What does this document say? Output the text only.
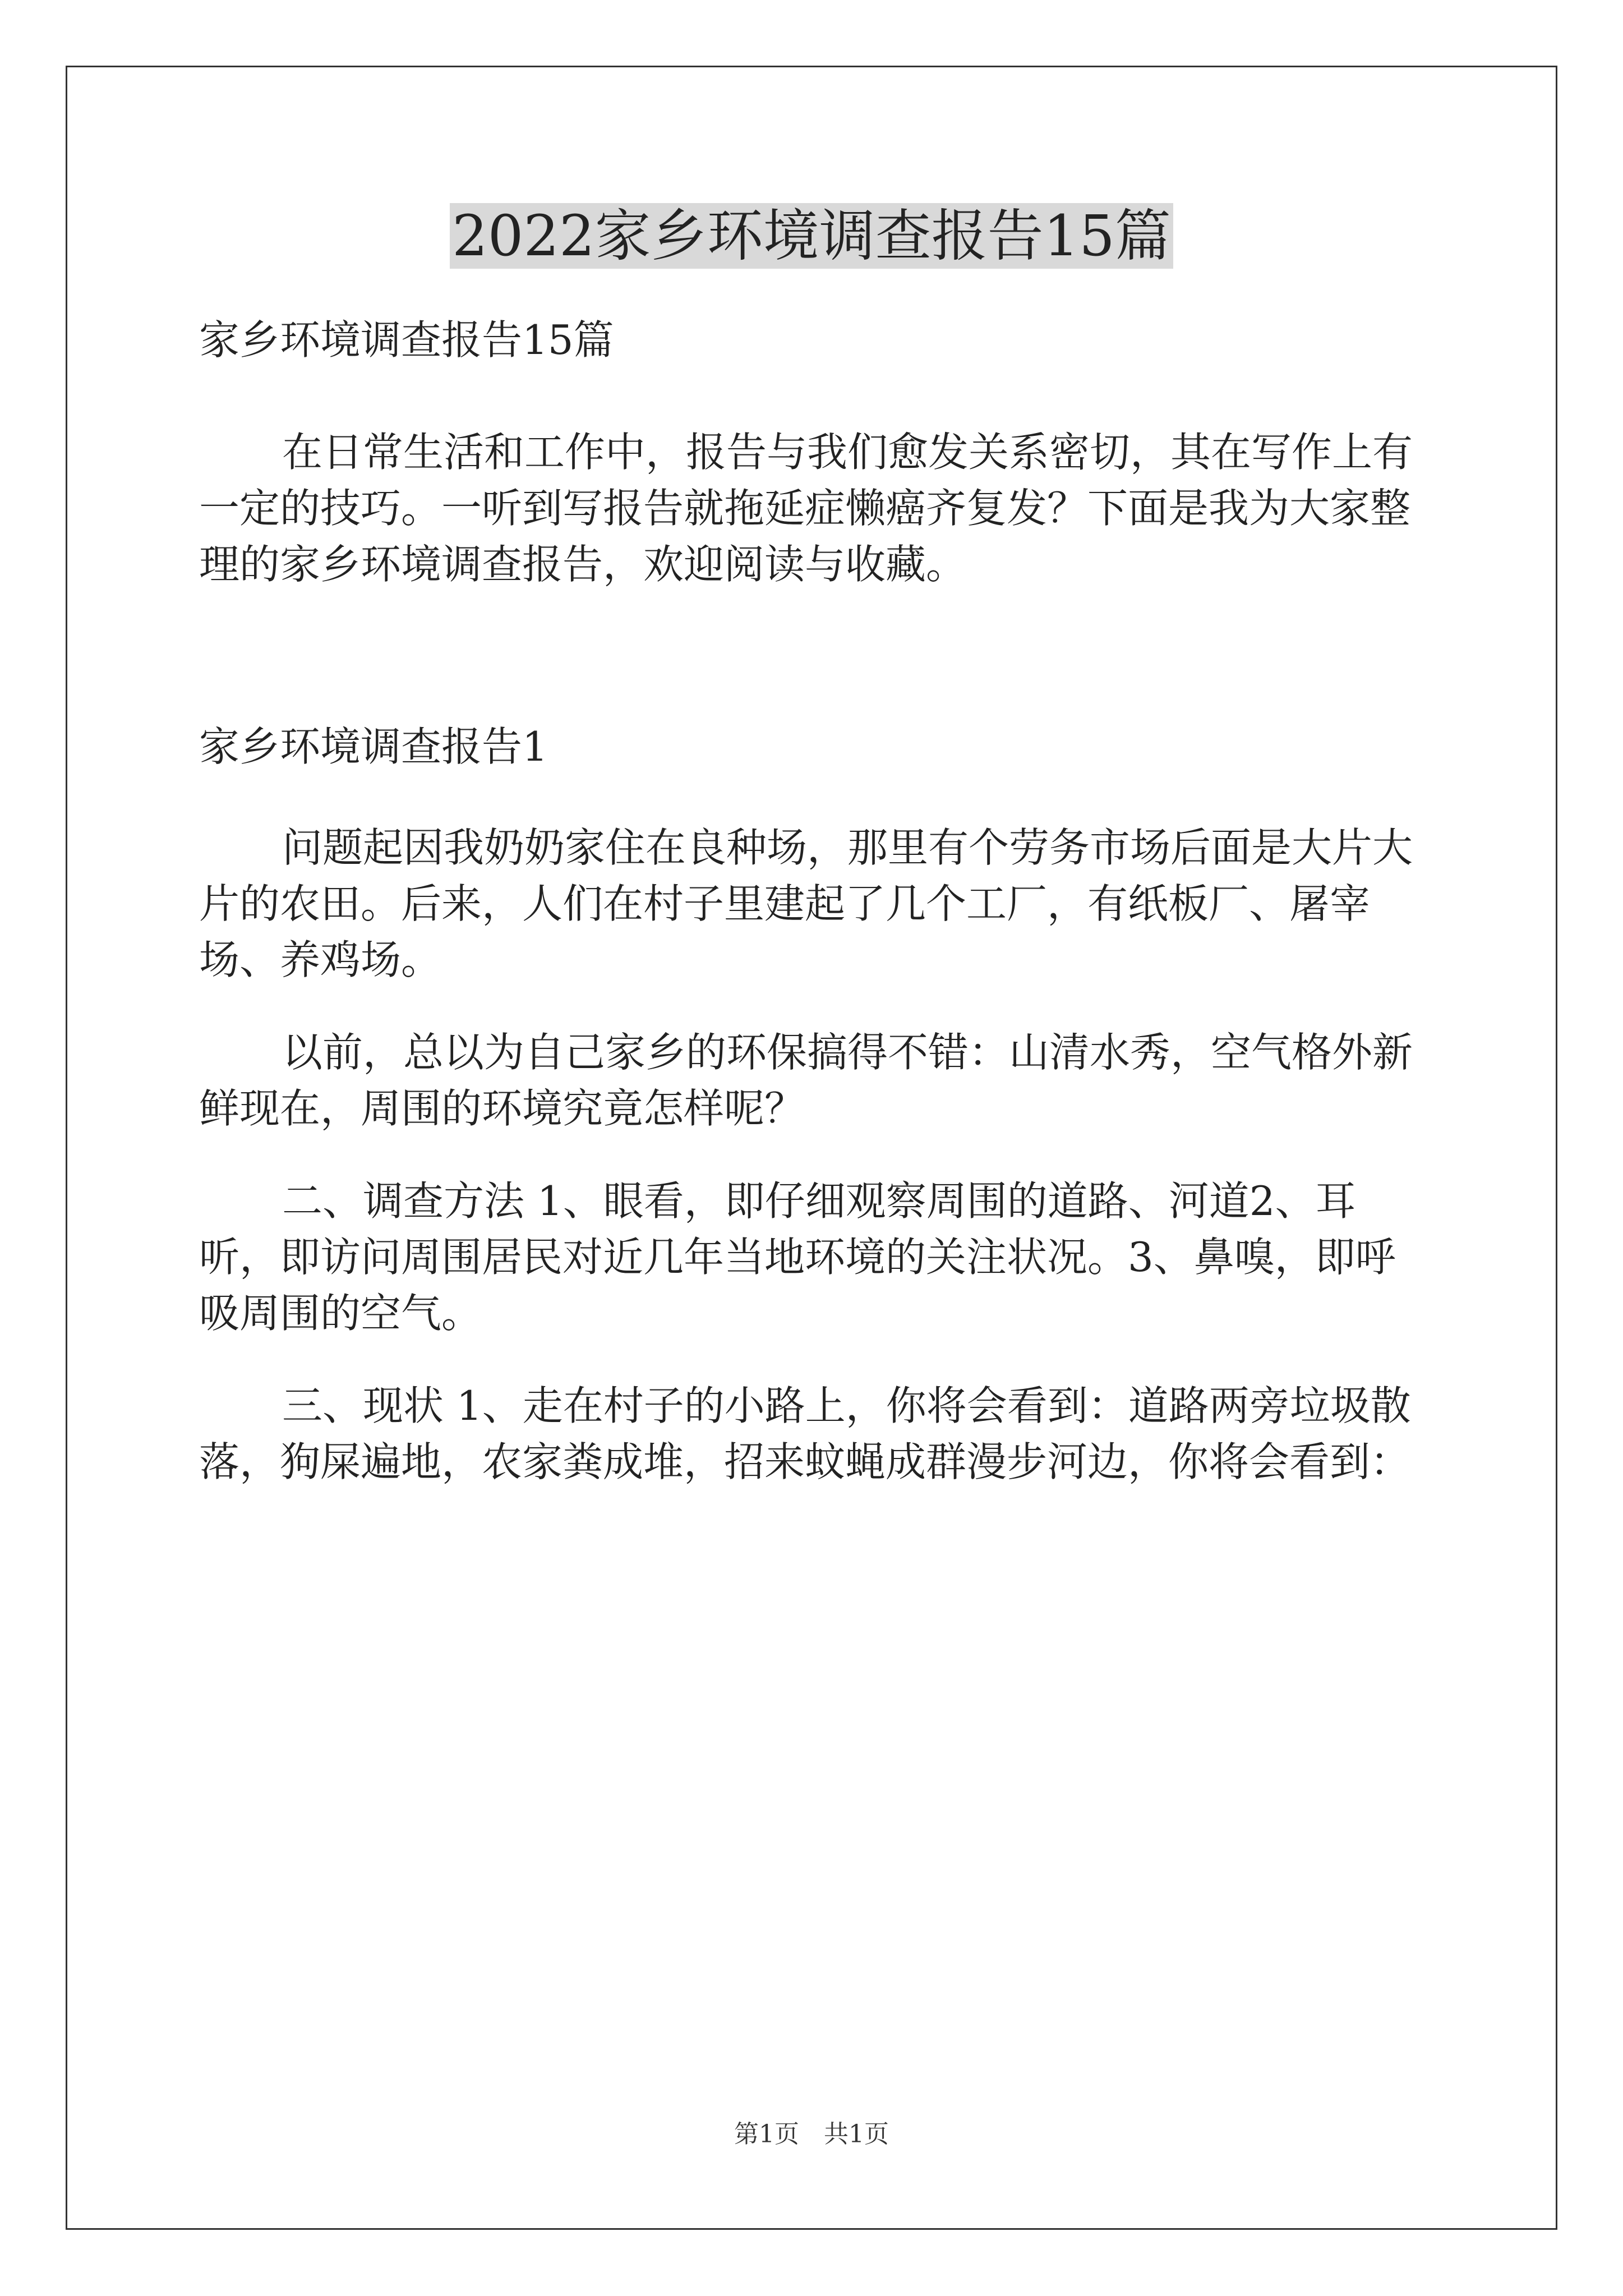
2022家乡环境调查报告15篇

家乡环境调查报告15篇

在日常生活和工作中，报告与我们愈发关系密切，其在写作上有一定的技巧。一听到写报告就拖延症懒癌齐复发？下面是我为大家整理的家乡环境调查报告，欢迎阅读与收藏。

家乡环境调查报告1

问题起因我奶奶家住在良种场，那里有个劳务市场后面是大片大片的农田。后来，人们在村子里建起了几个工厂，有纸板厂、屠宰场、养鸡场。

以前，总以为自己家乡的环保搞得不错：山清水秀，空气格外新鲜现在，周围的环境究竟怎样呢？

二、调查方法 1、眼看，即仔细观察周围的道路、河道2、耳听，即访问周围居民对近几年当地环境的关注状况。3、鼻嗅，即呼吸周围的空气。

三、现状 1、走在村子的小路上，你将会看到：道路两旁垃圾散落，狗屎遍地，农家粪成堆，招来蚊蝇成群漫步河边，你将会看到：

第1页　共1页
